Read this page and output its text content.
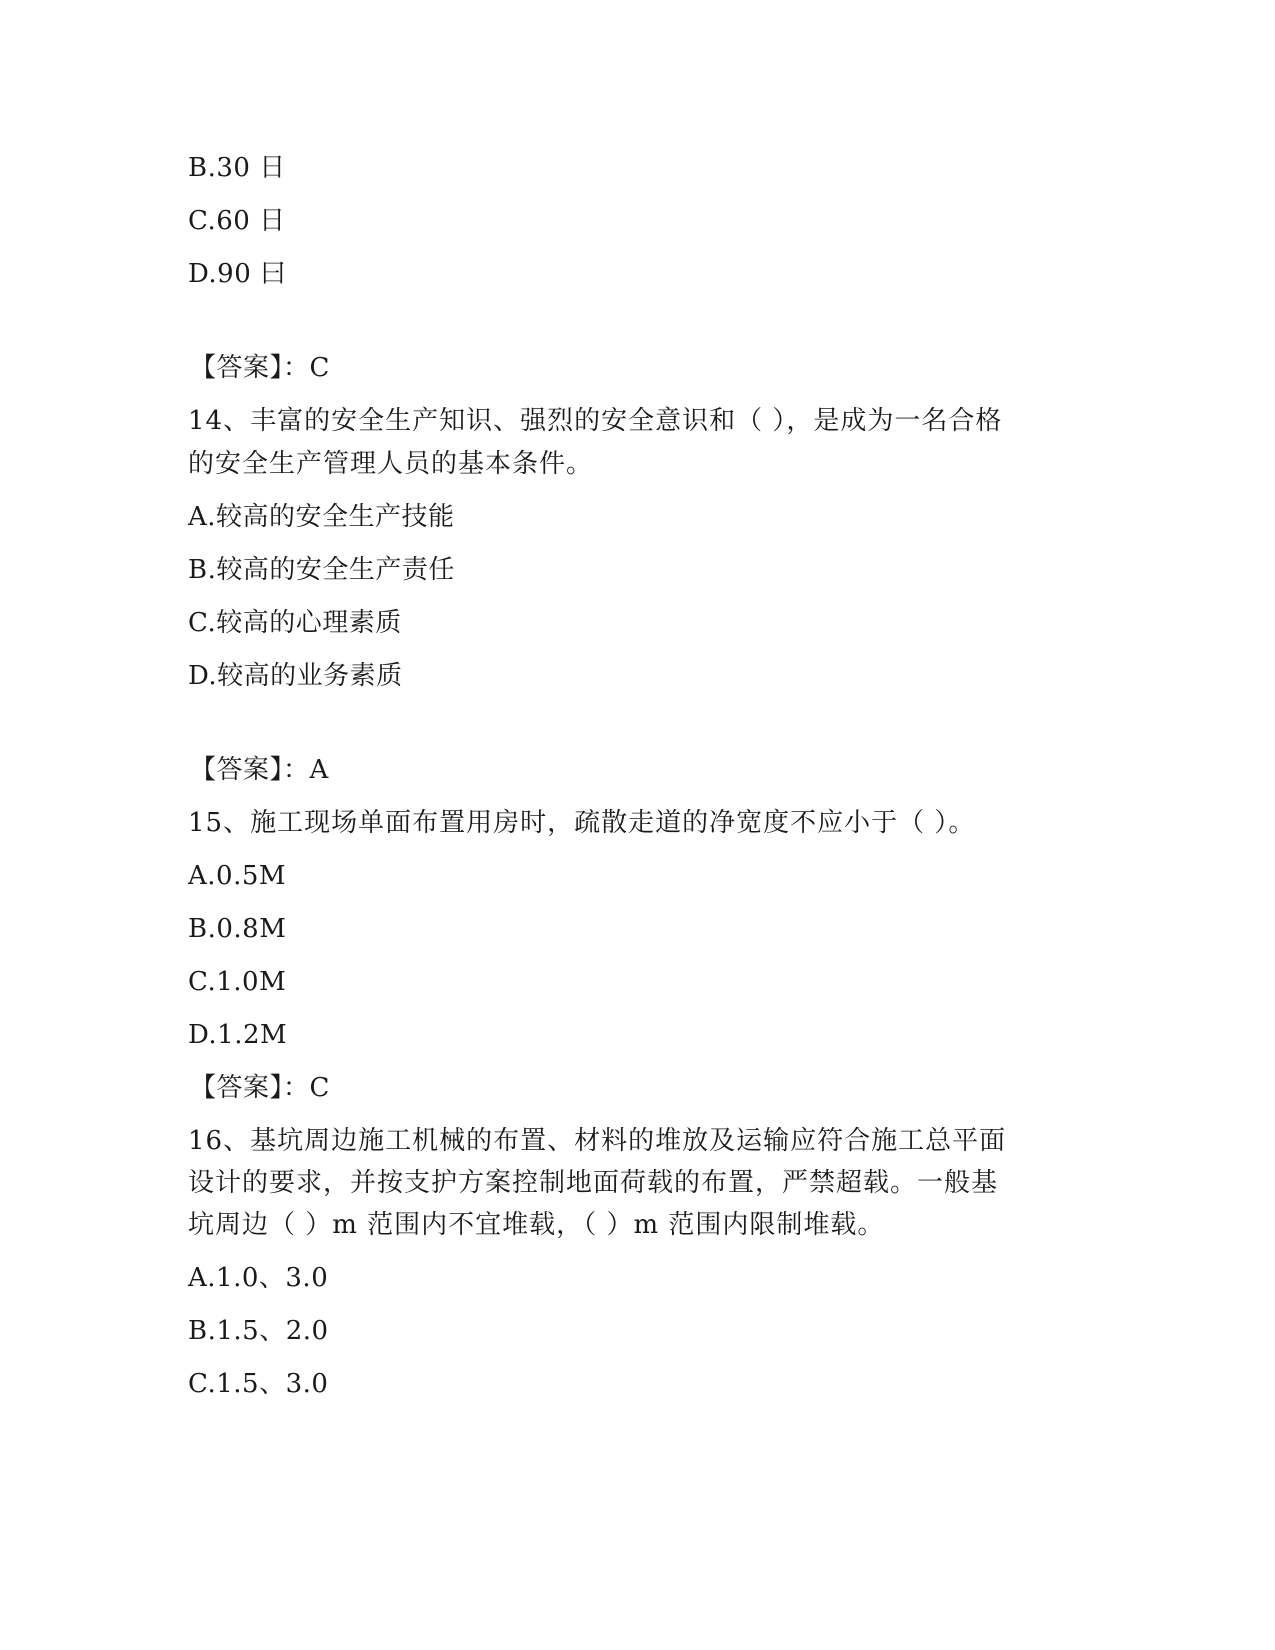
B.30 日
C.60 日
D.90 曰
【答案】：C
14、丰富的安全生产知识、强烈的安全意识和（ ），是成为一名合格
的安全生产管理人员的基本条件。
A.较高的安全生产技能
B.较高的安全生产责任
C.较高的心理素质
D.较高的业务素质
【答案】：A
15、施工现场单面布置用房时，疏散走道的净宽度不应小于（ ）。
A.0.5M
B.0.8M
C.1.0M
D.1.2M
【答案】：C
16、基坑周边施工机械的布置、材料的堆放及运输应符合施工总平面
设计的要求，并按支护方案控制地面荷载的布置，严禁超载。一般基
坑周边（ ）m 范围内不宜堆载，（ ）m 范围内限制堆载。
A.1.0、3.0
B.1.5、2.0
C.1.5、3.0
